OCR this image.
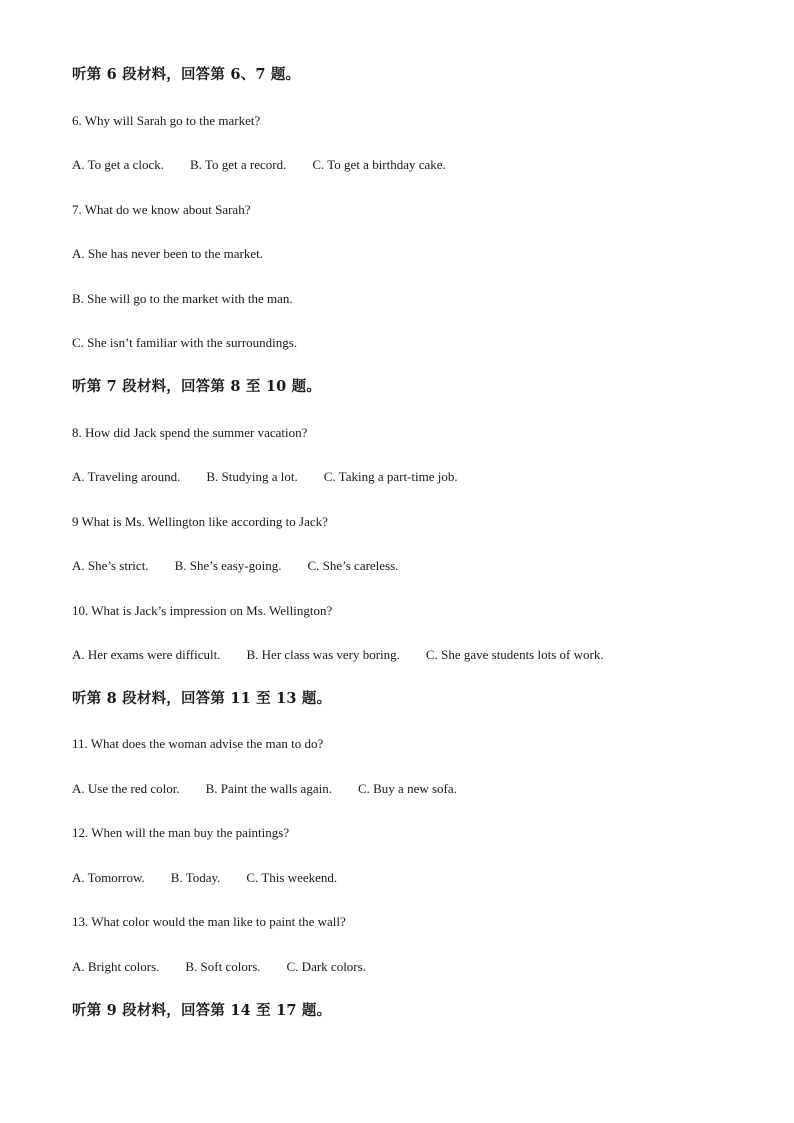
听第 6 段材料，回答第 6、7 题。
6. Why will Sarah go to the market?
A. To get a clock. B. To get a record. C. To get a birthday cake.
7. What do we know about Sarah?
A. She has never been to the market.
B. She will go to the market with the man.
C. She isn’t familiar with the surroundings.
听第 7 段材料，回答第 8 至 10 题。
8. How did Jack spend the summer vacation?
A. Traveling around. B. Studying a lot. C. Taking a part-time job.
9 What is Ms. Wellington like according to Jack?
A. She’s strict. B. She’s easy-going. C. She’s careless.
10. What is Jack’s impression on Ms. Wellington?
A. Her exams were difficult. B. Her class was very boring. C. She gave students lots of work.
听第 8 段材料，回答第 11 至 13 题。
11. What does the woman advise the man to do?
A. Use the red color. B. Paint the walls again. C. Buy a new sofa.
12. When will the man buy the paintings?
A. Tomorrow. B. Today. C. This weekend.
13. What color would the man like to paint the wall?
A. Bright colors. B. Soft colors. C. Dark colors.
听第 9 段材料，回答第 14 至 17 题。
